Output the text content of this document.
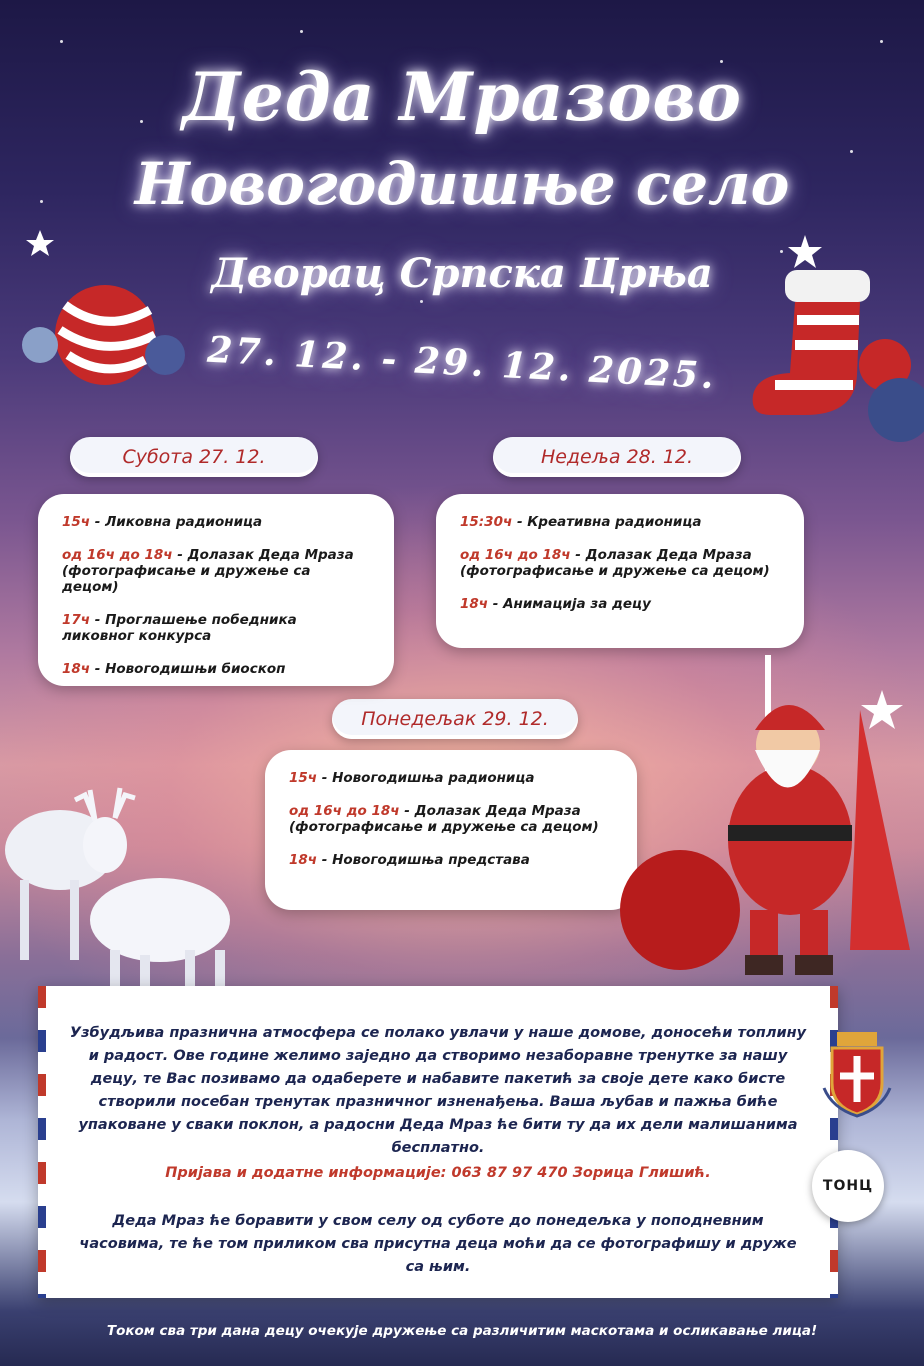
Деда Мразово
Новогодишње село
Дворац Српска Црња
27. 12. - 29. 12. 2025.
Субота 27. 12.	Недеља 28. 12.
Понедељак 29. 12.
15ч - Ликовна радионица
од 16ч до 18ч - Долазак Деда Мраза (фотографисање и дружење са децом)
17ч - Проглашење победника ликовног конкурса
18ч - Новогодишњи биоскоп
15:30ч - Креативна радионица
од 16ч до 18ч - Долазак Деда Мраза (фотографисање и дружење са децом)
18ч - Анимација за децу
15ч - Новогодишња радионица
од 16ч до 18ч - Долазак Деда Мраза (фотографисање и дружење са децом)
18ч - Новогодишња представа
Узбудљива празнична атмосфера се полако увлачи у наше домове, доносећи топлину и радост. Ове године желимо заједно да створимо незаборавне тренутке за нашу децу, те Вас позивамо да одаберете и набавите пакетић за своје дете како бисте створили посебан тренутак празничног изненађења. Ваша љубав и пажња биће упаковане у сваки поклон, а радосни Деда Мраз ће бити ту да их дели малишанима бесплатно.
Пријава и додатне информације: 063 87 97 470 Зорица Глишић.
Деда Мраз ће боравити у свом селу од суботе до понедељка у поподневним часовима, те ће том приликом сва присутна деца моћи да се фотографишу и друже са њим.
ТОНЦ
Током сва три дана децу очекује дружење са различитим маскотама и осликавање лица!
